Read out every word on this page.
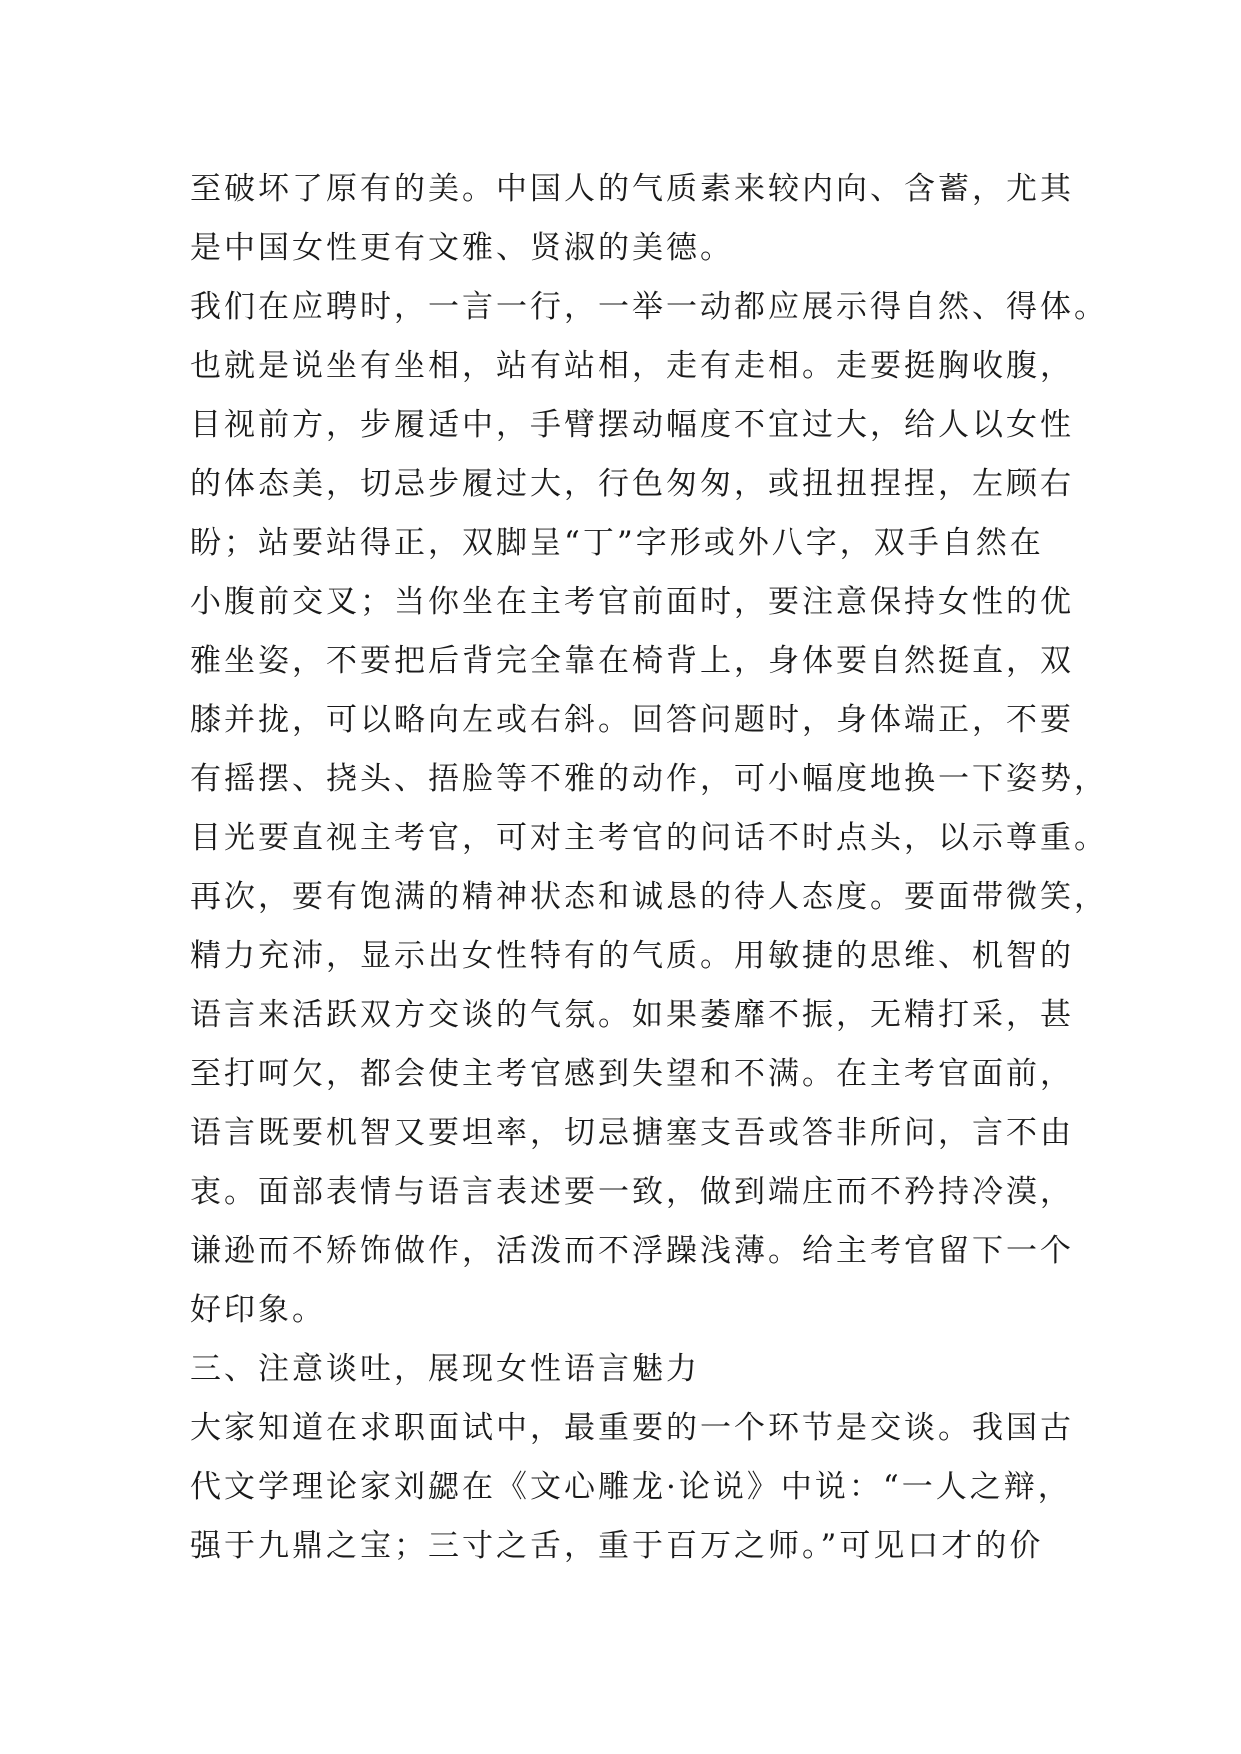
至破坏了原有的美。中国人的气质素来较内向、含蓄，尤其
是中国女性更有文雅、贤淑的美德。
我们在应聘时，一言一行，一举一动都应展示得自然、得体。
也就是说坐有坐相，站有站相，走有走相。走要挺胸收腹，
目视前方，步履适中，手臂摆动幅度不宜过大，给人以女性
的体态美，切忌步履过大，行色匆匆，或扭扭捏捏，左顾右
盼；站要站得正，双脚呈“丁”字形或外八字，双手自然在
小腹前交叉；当你坐在主考官前面时，要注意保持女性的优
雅坐姿，不要把后背完全靠在椅背上，身体要自然挺直，双
膝并拢，可以略向左或右斜。回答问题时，身体端正，不要
有摇摆、挠头、捂脸等不雅的动作，可小幅度地换一下姿势，
目光要直视主考官，可对主考官的问话不时点头，以示尊重。
再次，要有饱满的精神状态和诚恳的待人态度。要面带微笑，
精力充沛，显示出女性特有的气质。用敏捷的思维、机智的
语言来活跃双方交谈的气氛。如果萎靡不振，无精打采，甚
至打呵欠，都会使主考官感到失望和不满。在主考官面前，
语言既要机智又要坦率，切忌搪塞支吾或答非所问，言不由
衷。面部表情与语言表述要一致，做到端庄而不矜持冷漠，
谦逊而不矫饰做作，活泼而不浮躁浅薄。给主考官留下一个
好印象。
三、注意谈吐，展现女性语言魅力
大家知道在求职面试中，最重要的一个环节是交谈。我国古
代文学理论家刘勰在《文心雕龙·论说》中说：“一人之辩，
强于九鼎之宝；三寸之舌，重于百万之师。”可见口才的价
